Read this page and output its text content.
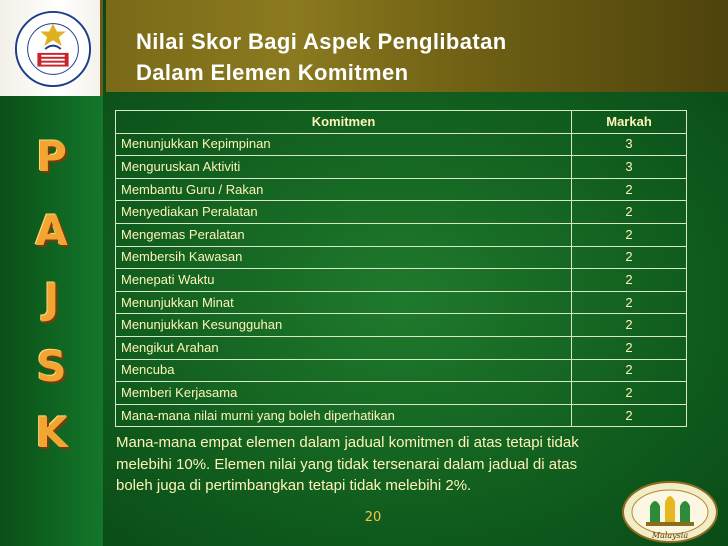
P
A
J
S
K
Nilai Skor Bagi Aspek Penglibatan
Dalam Elemen Komitmen
Komitmen	Markah
Menunjukkan Kepimpinan	3
Menguruskan Aktiviti	3
Membantu Guru / Rakan	2
Menyediakan Peralatan	2
Mengemas Peralatan	2
Membersih Kawasan	2
Menepati Waktu	2
Menunjukkan Minat	2
Menunjukkan Kesungguhan	2
Mengikut Arahan	2
Mencuba	2
Memberi Kerjasama	2
Mana-mana nilai murni yang boleh diperhatikan	2
Mana-mana empat elemen dalam jadual komitmen di atas tetapi tidak
melebihi 10%. Elemen nilai yang tidak tersenarai dalam jadual di atas
boleh juga di pertimbangkan tetapi tidak melebihi 2%.
20
Malaysia
